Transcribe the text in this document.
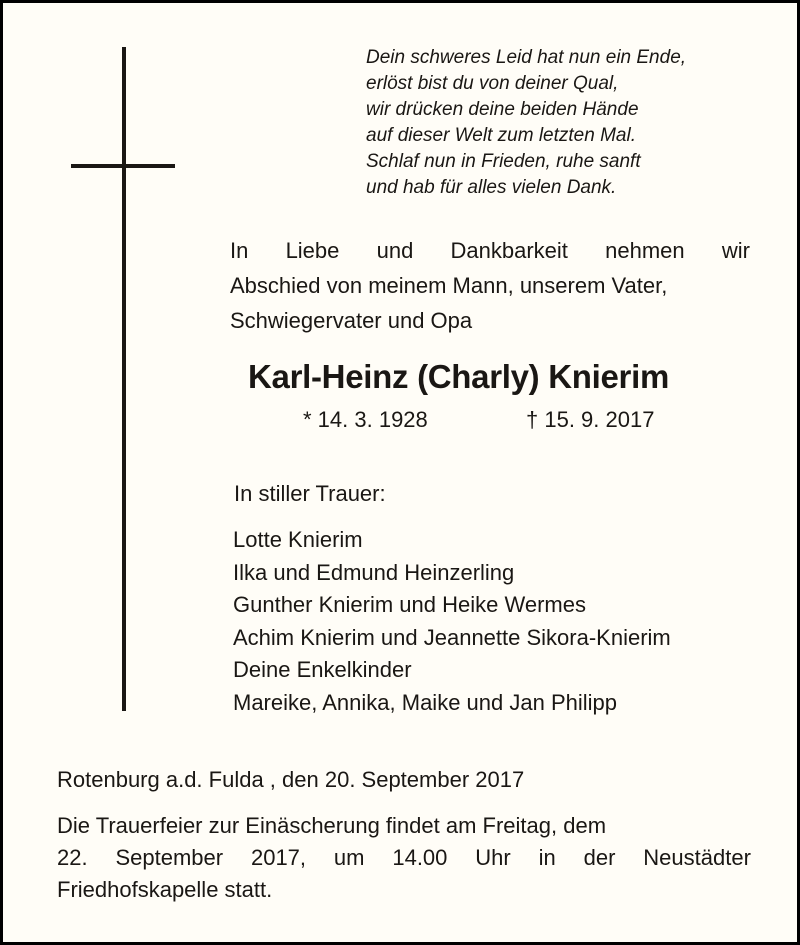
Dein schweres Leid hat nun ein Ende,
erlöst bist du von deiner Qual,
wir drücken deine beiden Hände
auf dieser Welt zum letzten Mal.
Schlaf nun in Frieden, ruhe sanft
und hab für alles vielen Dank.
In Liebe und Dankbarkeit nehmen wir
Abschied von meinem Mann, unserem Vater,
Schwiegervater und Opa
Karl-Heinz (Charly) Knierim
* 14. 3. 1928	† 15. 9. 2017
In stiller Trauer:
Lotte Knierim
Ilka und Edmund Heinzerling
Gunther Knierim und Heike Wermes
Achim Knierim und Jeannette Sikora-Knierim
Deine Enkelkinder
Mareike, Annika, Maike und Jan Philipp
Rotenburg a.d. Fulda , den 20. September 2017
Die Trauerfeier zur Einäscherung findet am Freitag, dem
22. September 2017, um 14.00 Uhr in der Neustädter
Friedhofskapelle statt.
